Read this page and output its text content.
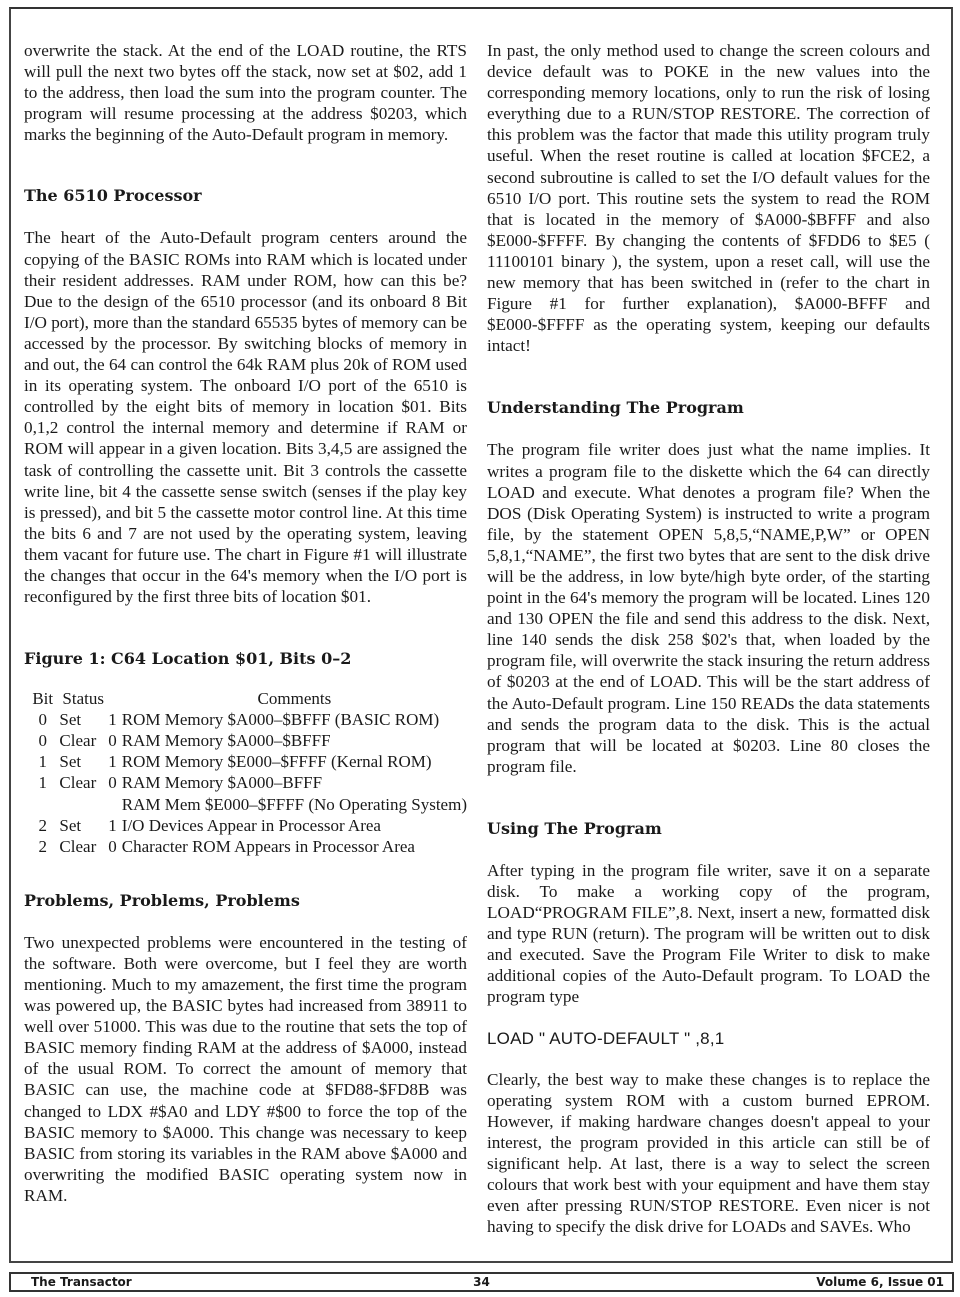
overwrite the stack. At the end of the LOAD routine, the RTS will pull the next two bytes off the stack, now set at $02, add 1 to the address, then load the sum into the program counter. The program will resume processing at the address $0203, which marks the beginning of the Auto-Default program in memory.

The 6510 Processor

The heart of the Auto-Default program centers around the copying of the BASIC ROMs into RAM which is located under their resident addresses. RAM under ROM, how can this be? Due to the design of the 6510 processor (and its onboard 8 Bit I/O port), more than the standard 65535 bytes of memory can be accessed by the processor. By switching blocks of memory in and out, the 64 can control the 64k RAM plus 20k of ROM used in its operating system. The onboard I/O port of the 6510 is controlled by the eight bits of memory in location $01. Bits 0,1,2 control the internal memory and determine if RAM or ROM will appear in a given location. Bits 3,4,5 are assigned the task of controlling the cassette unit. Bit 3 controls the cassette write line, bit 4 the cassette sense switch (senses if the play key is pressed), and bit 5 the cassette motor control line. At this time the bits 6 and 7 are not used by the operating system, leaving them vacant for future use. The chart in Figure #1 will illustrate the changes that occur in the 64's memory when the I/O port is reconfigured by the first three bits of location $01.

Figure 1: C64 Location $01, Bits 0–2

Bit	Status		Comments
0	Set	1	ROM Memory $A000–$BFFF (BASIC ROM)
0	Clear	0	RAM Memory $A000–$BFFF
1	Set	1	ROM Memory $E000–$FFFF (Kernal ROM)
1	Clear	0	RAM Memory $A000–BFFF
			RAM Mem $E000–$FFFF (No Operating System)
2	Set	1	I/O Devices Appear in Processor Area
2	Clear	0	Character ROM Appears in Processor Area
Problems, Problems, Problems

Two unexpected problems were encountered in the testing of the software. Both were overcome, but I feel they are worth mentioning. Much to my amazement, the first time the program was powered up, the BASIC bytes had increased from 38911 to well over 51000. This was due to the routine that sets the top of BASIC memory finding RAM at the address of $A000, instead of the usual ROM. To correct the amount of memory that BASIC can use, the machine code at $FD88-$FD8B was changed to LDX #$A0 and LDY #$00 to force the top of the BASIC memory to $A000. This change was necessary to keep BASIC from storing its variables in the RAM above $A000 and overwriting the modified BASIC operating system now in RAM.

In past, the only method used to change the screen colours and device default was to POKE in the new values into the corresponding memory locations, only to run the risk of losing everything due to a RUN/STOP RESTORE. The correction of this problem was the factor that made this utility program truly useful. When the reset routine is called at location $FCE2, a second subroutine is called to set the I/O default values for the 6510 I/O port. This routine sets the system to read the ROM that is located in the memory of $A000-$BFFF and also $E000-$FFFF. By changing the contents of $FDD6 to $E5 ( 11100101 binary ), the system, upon a reset call, will use the new memory that has been switched in (refer to the chart in Figure #1 for further explanation), $A000-BFFF and $E000-$FFFF as the operating system, keeping our defaults intact!

Understanding The Program

The program file writer does just what the name implies. It writes a program file to the diskette which the 64 can directly LOAD and execute. What denotes a program file? When the DOS (Disk Operating System) is instructed to write a program file, by the statement OPEN 5,8,5,“NAME,P,W” or OPEN 5,8,1,“NAME”, the first two bytes that are sent to the disk drive will be the address, in low byte/high byte order, of the starting point in the 64's memory the program will be located. Lines 120 and 130 OPEN the file and send this address to the disk. Next, line 140 sends the disk 258 $02's that, when loaded by the program file, will overwrite the stack insuring the return address of $0203 at the end of LOAD. This will be the start address of the Auto-Default program. Line 150 READs the data statements and sends the program data to the disk. This is the actual program that will be located at $0203. Line 80 closes the program file.

Using The Program

After typing in the program file writer, save it on a separate disk. To make a working copy of the program, LOAD“PROGRAM FILE”,8. Next, insert a new, formatted disk and type RUN (return). The program will be written out to disk and executed. Save the Program File Writer to disk to make additional copies of the Auto-Default program. To LOAD the program type

LOAD " AUTO-DEFAULT " ,8,1

Clearly, the best way to make these changes is to replace the operating system ROM with a custom burned EPROM. However, if making hardware changes doesn't appeal to your interest, the program provided in this article can still be of significant help. At last, there is a way to select the screen colours that work best with your equipment and have them stay even after pressing RUN/STOP RESTORE. Even nicer is not having to specify the disk drive for LOADs and SAVEs. Who

The Transactor	34	Volume 6, Issue 01
